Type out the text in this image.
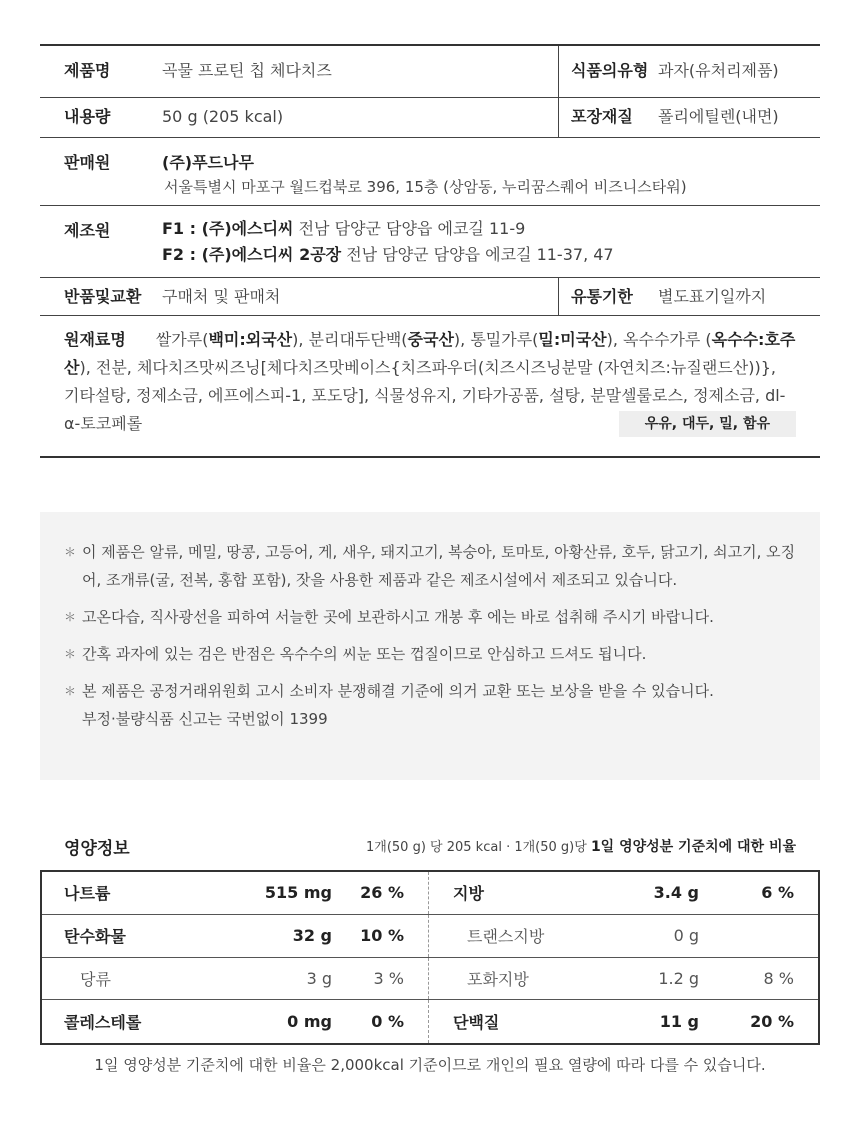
제품명	곡물 프로틴 칩 체다치즈	식품의유형 과자(유처리제품)
내용량	50 g (205 kcal)	포장재질	폴리에틸렌(내면)
판매원	(주)푸드나무
서울특별시 마포구 월드컵북로 396, 15층 (상암동, 누리꿈스퀘어 비즈니스타워)
제조원	F1 : (주)에스디씨 전남 담양군 담양읍 에코길 11-9
F2 : (주)에스디씨 2공장 전남 담양군 담양읍 에코길 11-37, 47
반품및교환	구매처 및 판매처	유통기한	별도표기일까지
원재료명 쌀가루(백미:외국산), 분리대두단백(중국산), 통밀가루(밀:미국산), 옥수수가루 (옥수수:호주산), 전분, 체다치즈맛씨즈닝[체다치즈맛베이스{치즈파우더(치즈시즈닝분말 (자연치즈:뉴질랜드산))}, 기타설탕, 정제소금, 에프에스피-1, 포도당], 식물성유지, 기타가공품, 설탕, 분말셀룰로스, 정제소금, dl-α-토코페롤	우유, 대두, 밀, 함유
＊ 이 제품은 알류, 메밀, 땅콩, 고등어, 게, 새우, 돼지고기, 복숭아, 토마토, 아황산류, 호두, 닭고기, 쇠고기, 오징어, 조개류(굴, 전복, 홍합 포함), 잣을 사용한 제품과 같은 제조시설에서 제조되고 있습니다.
＊ 고온다습, 직사광선을 피하여 서늘한 곳에 보관하시고 개봉 후 에는 바로 섭취해 주시기 바랍니다.
＊ 간혹 과자에 있는 검은 반점은 옥수수의 씨눈 또는 껍질이므로 안심하고 드셔도 됩니다.
＊ 본 제품은 공정거래위원회 고시 소비자 분쟁해결 기준에 의거 교환 또는 보상을 받을 수 있습니다. 부정·불량식품 신고는 국번없이 1399
영양정보	1개(50 g) 당 205 kcal · 1개(50 g)당 1일 영양성분 기준치에 대한 비율
나트륨	515 mg	26 %	지방	3.4 g	6 %
탄수화물	32 g	10 %	트랜스지방	0 g
당류	3 g	3 %	포화지방	1.2 g	8 %
콜레스테롤	0 mg	0 %	단백질	11 g	20 %
1일 영양성분 기준치에 대한 비율은 2,000kcal 기준이므로 개인의 필요 열량에 따라 다를 수 있습니다.
